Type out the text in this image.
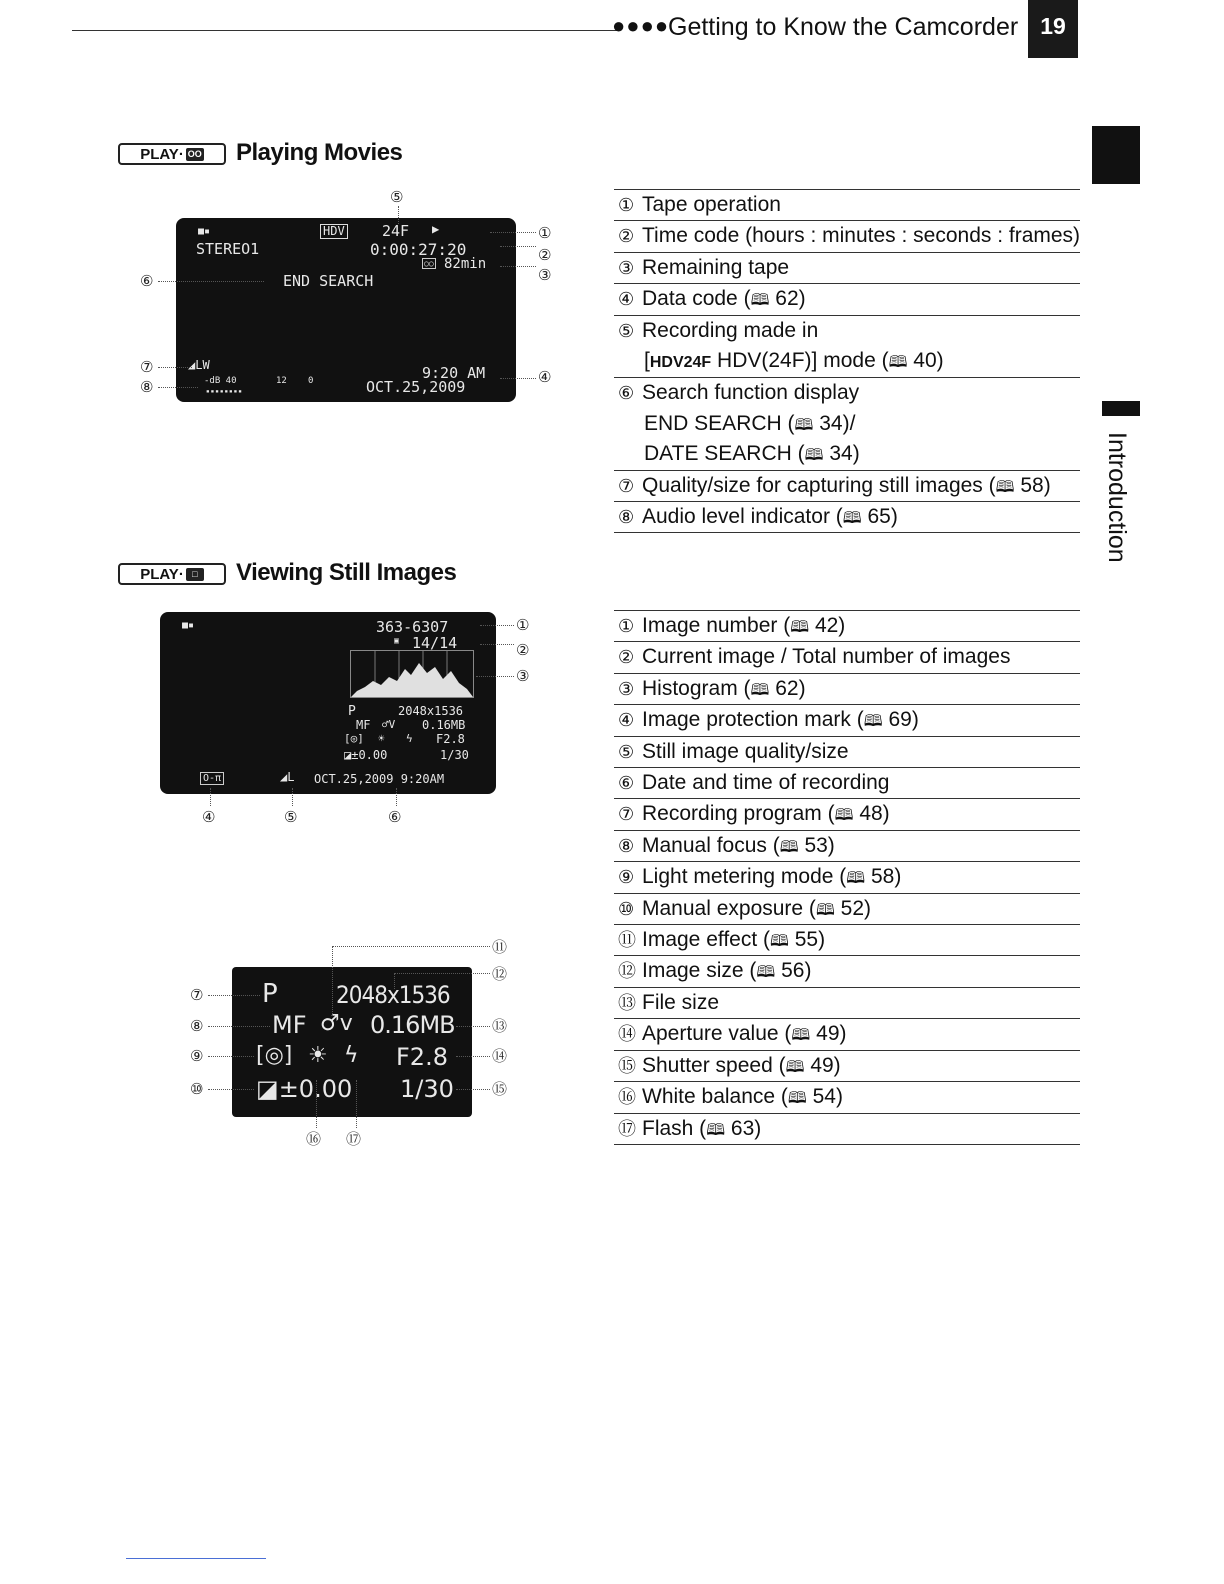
●●●●
Getting to Know the Camcorder 19
Introduction
PLAY· OO Playing Movies
■▪	HDV 24F ▶
STEREO1	0:00:27:20
○○ 82min
END SEARCH
◢LW
-dB 40	12 0
▪▪▪▪▪▪▪▪
9:20 AM
OCT.25,2009
①
②
③
④
⑤
⑥
⑦
⑧
① Tape operation
② Time code (hours : minutes : seconds : frames)
③ Remaining tape
④ Data code (🕮 62)
⑤ Recording made in
[HDV24F HDV(24F)] mode (🕮 40)
⑥ Search function display
END SEARCH (🕮 34)/
DATE SEARCH (🕮 34)
⑦ Quality/size for capturing still images (🕮 58)
⑧ Audio level indicator (🕮 65)
PLAY· □ Viewing Still Images
■▪	363-6307
▣ 14/14
P	2048x1536
MF ♂V 0.16MB
[◎] ☀ ϟ F2.8
◪±0.00	1/30
O-π	◢L OCT.25,2009 9:20AM
①
②
③
④	⑤	⑥
P 2048x1536
MF ♂v 0.16MB
[◎] ☀ ϟ F2.8
◪±0.00 1/30
⑪
⑫
⑦
⑧
⑨
⑩
⑬
⑭
⑮
⑯ ⑰
① Image number (🕮 42)
② Current image / Total number of images
③ Histogram (🕮 62)
④ Image protection mark (🕮 69)
⑤ Still image quality/size
⑥ Date and time of recording
⑦ Recording program (🕮 48)
⑧ Manual focus (🕮 53)
⑨ Light metering mode (🕮 58)
⑩ Manual exposure (🕮 52)
⑪ Image effect (🕮 55)
⑫ Image size (🕮 56)
⑬ File size
⑭ Aperture value (🕮 49)
⑮ Shutter speed (🕮 49)
⑯ White balance (🕮 54)
⑰ Flash (🕮 63)
